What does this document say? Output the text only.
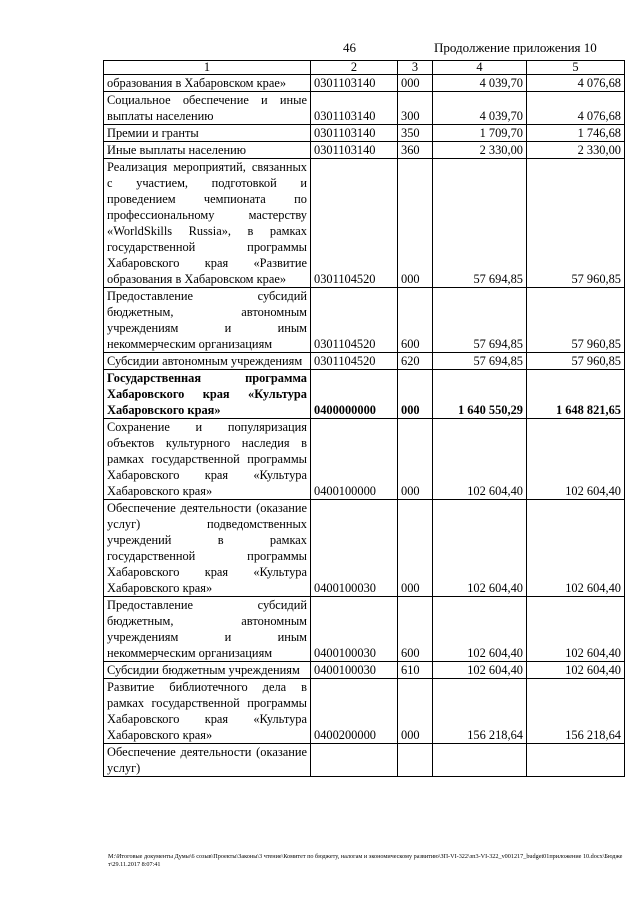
46	Продолжение приложения 10
1	2	3	4	5
образования в Хабаровском крае»	0301103140	000	4 039,70	4 076,68
Социальное обеспечение и иные выплаты населению	0301103140	300	4 039,70	4 076,68
Премии и гранты	0301103140	350	1 709,70	1 746,68
Иные выплаты населению	0301103140	360	2 330,00	2 330,00
Реализация мероприятий, связанных с участием, подготовкой и проведением чемпионата по профессиональному мастерству «WorldSkills Russia», в рамках государственной программы Хабаровского края «Развитие образования в Хабаровском крае»	0301104520	000	57 694,85	57 960,85
Предоставление субсидий бюджетным, автономным учреждениям и иным некоммерческим организациям	0301104520	600	57 694,85	57 960,85
Субсидии автономным учреждениям	0301104520	620	57 694,85	57 960,85
Государственная программа Хабаровского края «Культура Хабаровского края»	0400000000	000	1 640 550,29	1 648 821,65
Сохранение и популяризация объектов культурного наследия в рамках государственной программы Хабаровского края «Культура Хабаровского края»	0400100000	000	102 604,40	102 604,40
Обеспечение деятельности (оказание услуг) подведомственных учреждений в рамках государственной программы Хабаровского края «Культура Хабаровского края»	0400100030	000	102 604,40	102 604,40
Предоставление субсидий бюджетным, автономным учреждениям и иным некоммерческим организациям	0400100030	600	102 604,40	102 604,40
Субсидии бюджетным учреждениям	0400100030	610	102 604,40	102 604,40
Развитие библиотечного дела в рамках государственной программы Хабаровского края «Культура Хабаровского края»	0400200000	000	156 218,64	156 218,64
Обеспечение деятельности (оказание услуг)				
M:\Итоговые документы Думы\6 созыв\Проекты\Законы\3 чтение\Комитет по бюджету, налогам и экономическому развитию\ЗП-VI-322\зп3-VI-322_v001217_budget01приложение 10.docx\Бюджет\29.11.2017 8:07:41
